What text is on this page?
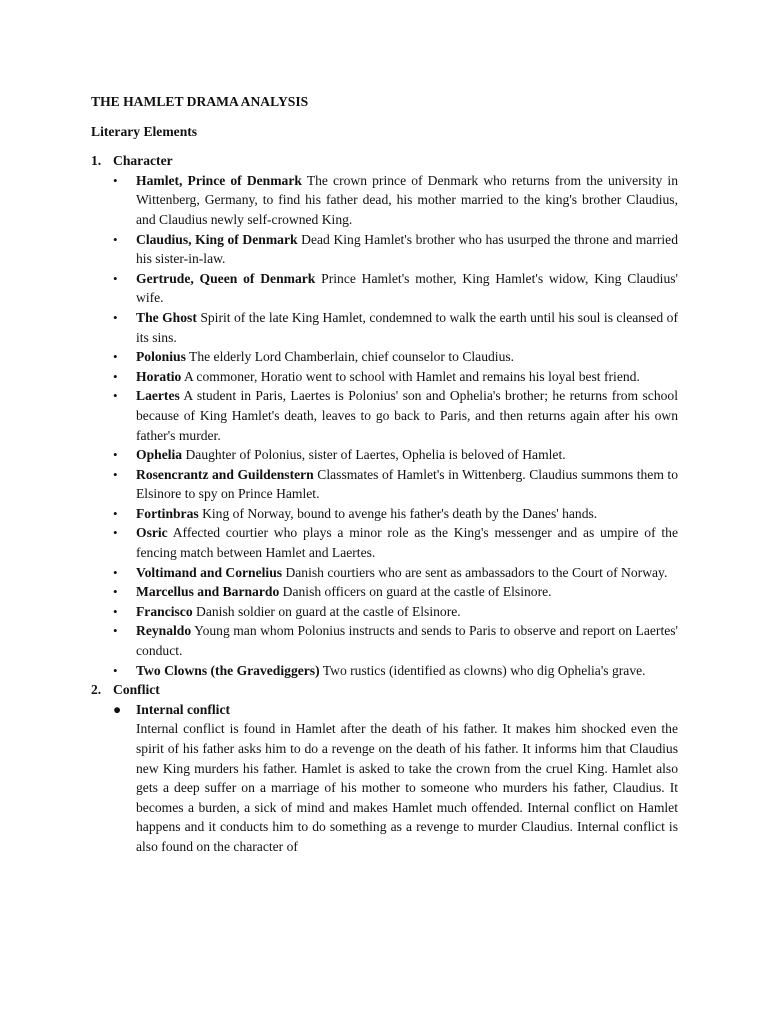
THE HAMLET DRAMA ANALYSIS
Literary Elements
1. Character
• Hamlet, Prince of Denmark The crown prince of Denmark who returns from the university in Wittenberg, Germany, to find his father dead, his mother married to the king's brother Claudius, and Claudius newly self-crowned King.
• Claudius, King of Denmark Dead King Hamlet's brother who has usurped the throne and married his sister-in-law.
• Gertrude, Queen of Denmark Prince Hamlet's mother, King Hamlet's widow, King Claudius' wife.
• The Ghost Spirit of the late King Hamlet, condemned to walk the earth until his soul is cleansed of its sins.
• Polonius The elderly Lord Chamberlain, chief counselor to Claudius.
• Horatio A commoner, Horatio went to school with Hamlet and remains his loyal best friend.
• Laertes A student in Paris, Laertes is Polonius' son and Ophelia's brother; he returns from school because of King Hamlet's death, leaves to go back to Paris, and then returns again after his own father's murder.
• Ophelia Daughter of Polonius, sister of Laertes, Ophelia is beloved of Hamlet.
• Rosencrantz and Guildenstern Classmates of Hamlet's in Wittenberg. Claudius summons them to Elsinore to spy on Prince Hamlet.
• Fortinbras King of Norway, bound to avenge his father's death by the Danes' hands.
• Osric Affected courtier who plays a minor role as the King's messenger and as umpire of the fencing match between Hamlet and Laertes.
• Voltimand and Cornelius Danish courtiers who are sent as ambassadors to the Court of Norway.
• Marcellus and Barnardo Danish officers on guard at the castle of Elsinore.
• Francisco Danish soldier on guard at the castle of Elsinore.
• Reynaldo Young man whom Polonius instructs and sends to Paris to observe and report on Laertes' conduct.
• Two Clowns (the Gravediggers) Two rustics (identified as clowns) who dig Ophelia's grave.
2. Conflict
● Internal conflict

Internal conflict is found in Hamlet after the death of his father. It makes him shocked even the spirit of his father asks him to do a revenge on the death of his father. It informs him that Claudius new King murders his father. Hamlet is asked to take the crown from the cruel King. Hamlet also gets a deep suffer on a marriage of his mother to someone who murders his father, Claudius. It becomes a burden, a sick of mind and makes Hamlet much offended. Internal conflict on Hamlet happens and it conducts him to do something as a revenge to murder Claudius. Internal conflict is also found on the character of
